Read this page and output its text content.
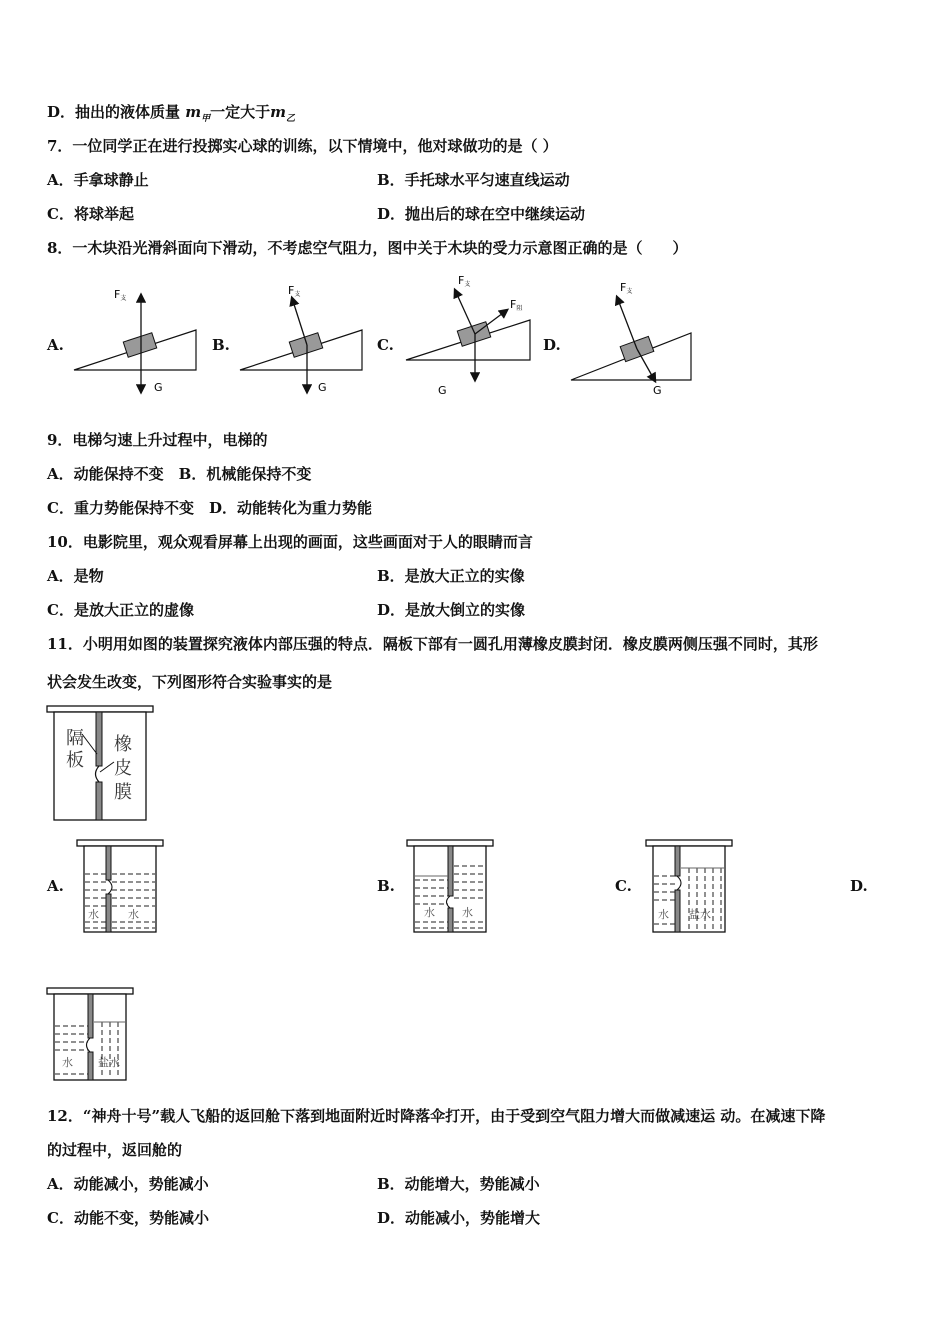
D．抽出的液体质量 $m_甲$一定大于$m_乙$
7．一位同学正在进行投掷实心球的训练，以下情境中，他对球做功的是（ ）
A．手拿球静止	B．手托球水平匀速直线运动
C．将球举起	D．抛出后的球在空中继续运动
8．一木块沿光滑斜面向下滑动，不考虑空气阻力，图中关于木块的受力示意图正确的是（　　）
A.	B.	C.	D.
F支
G
F支
G
F支
F阻
G
F支
G
9．电梯匀速上升过程中，电梯的
A．动能保持不变　B．机械能保持不变
C．重力势能保持不变　D．动能转化为重力势能
10．电影院里，观众观看屏幕上出现的画面，这些画面对于人的眼睛而言
A．是物	B．是放大正立的实像
C．是放大正立的虚像	D．是放大倒立的实像
11．小明用如图的装置探究液体内部压强的特点．隔板下部有一圆孔用薄橡皮膜封闭．橡皮膜两侧压强不同时，其形
状会发生改变，下列图形符合实验事实的是
隔板
橡皮膜
A.	B.	C.	D.
水	水	水 水	水 盐水
水 盐水
12．“神舟十号”载人飞船的返回舱下落到地面附近时降落伞打开，由于受到空气阻力增大而做减速运 动。在减速下降
的过程中，返回舱的
A．动能减小，势能减小	B．动能增大，势能减小
C．动能不变，势能减小	D．动能减小，势能增大
